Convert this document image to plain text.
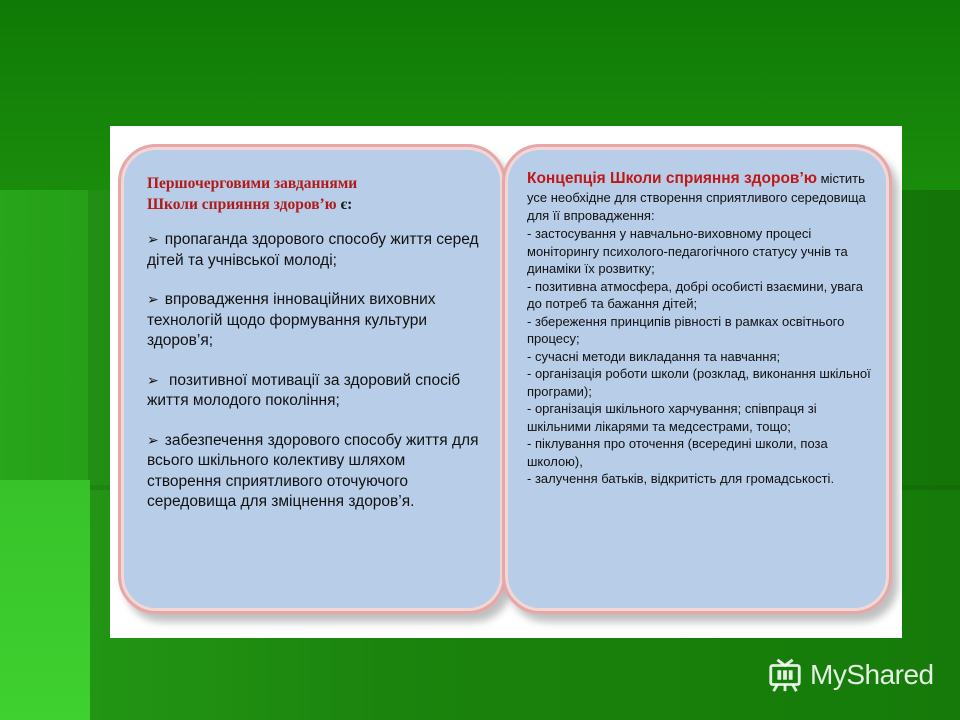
Першочерговими завданнями
Школи сприяння здоров’ю є:
➢ пропаганда здорового способу життя серед дітей та учнівської молоді;
➢ впровадження інноваційних виховних технологій щодо формування культури здоров’я;
➢ позитивної мотивації за здоровий спосіб життя молодого покоління;
➢ забезпечення здорового способу життя для всього шкільного колективу шляхом створення сприятливого оточуючого середовища для зміцнення здоров’я.
Концепція Школи сприяння здоров’ю містить усе необхідне для створення сприятливого середовища для її впровадження:

- застосування у навчально-виховному процесі моніторингу психолого-педагогічного статусу учнів та динаміки їх розвитку;

- позитивна атмосфера, добрі особисті взаємини, увага до потреб та бажання дітей;

- збереження принципів рівності в рамках освітнього процесу;

- сучасні методи викладання та навчання;

- організація роботи школи (розклад, виконання шкільної програми);

- організація шкільного харчування; співпраця зі шкільними лікарями та медсестрами, тощо;

- піклування про оточення (всередині школи, поза школою),

- залучення батьків, відкритість для громадськості.

MyShared
